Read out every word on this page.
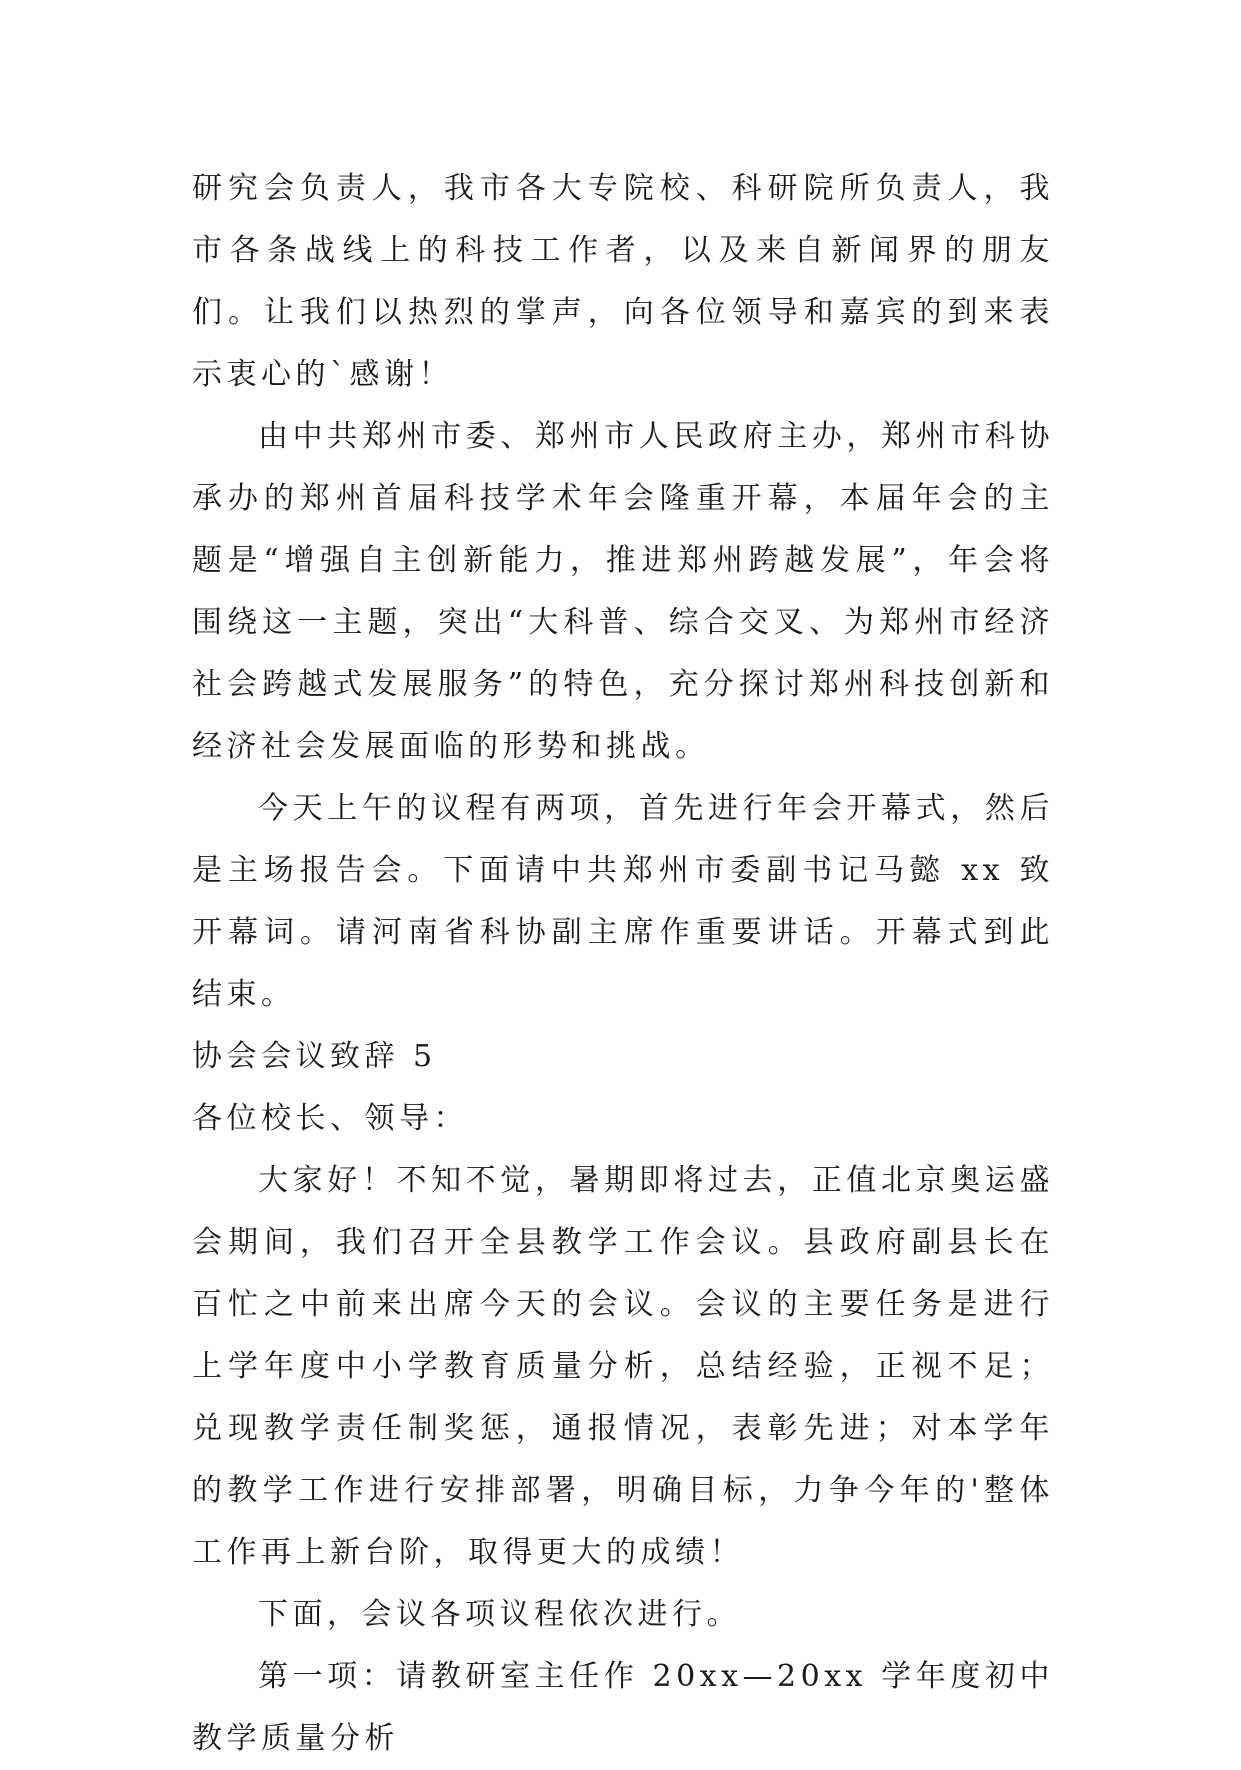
研究会负责人，我市各大专院校、科研院所负责人，我市各条战线上的科技工作者，以及来自新闻界的朋友们。让我们以热烈的掌声，向各位领导和嘉宾的到来表示衷心的`感谢！

由中共郑州市委、郑州市人民政府主办，郑州市科协承办的郑州首届科技学术年会隆重开幕，本届年会的主题是“增强自主创新能力，推进郑州跨越发展”，年会将围绕这一主题，突出“大科普、综合交叉、为郑州市经济社会跨越式发展服务”的特色，充分探讨郑州科技创新和经济社会发展面临的形势和挑战。

今天上午的议程有两项，首先进行年会开幕式，然后是主场报告会。下面请中共郑州市委副书记马懿 xx 致开幕词。请河南省科协副主席作重要讲话。开幕式到此结束。

协会会议致辞 5

各位校长、领导：

大家好！不知不觉，暑期即将过去，正值北京奥运盛会期间，我们召开全县教学工作会议。县政府副县长在百忙之中前来出席今天的会议。会议的主要任务是进行上学年度中小学教育质量分析，总结经验，正视不足；兑现教学责任制奖惩，通报情况，表彰先进；对本学年的教学工作进行安排部署，明确目标，力争今年的'整体工作再上新台阶，取得更大的成绩！

下面，会议各项议程依次进行。

第一项：请教研室主任作 20xx—20xx 学年度初中教学质量分析
